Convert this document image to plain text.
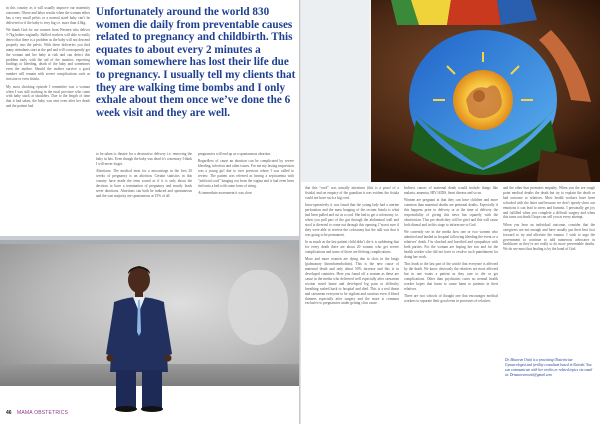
in this country as it will usually improve our maternity outcomes. Obese and labor results when the woman either has a very small pelvis or a normal sized baby can’t be delivered or if the baby is very big i.e. more than 4.0kg.

We thank God for our women from Western who deliver 5-7kg babies vaginally. Skilled workers will able to easily detect that there is a problem as the baby will not descend properly into the pelvis. With these deliveries you find many attendants start at the pad and will consequently get the woman and her baby at risk and can detect this problem early with the aid of the monitor, expecting findings to bleeding, death of the baby and sometimes even the mother. Should the mother survive a good number will remain with severe complications such as incision or even fistula.

My most shocking episode I remember was a woman when I was still working in the rural province who came with baby stuck at shoulders. Due to the length of time that it had taken, the baby was sent even after her death and the patient had

Unfortunately around the world 830 women die daily from preventable causes related to pregnancy and childbirth. This equates to about every 2 minutes a woman somewhere has lost their life due to pregnancy. I usually tell my clients that they are walking time bombs and I only exhale about them once we’ve done the 6 week visit and they are well.

to be taken to theatre for a destructive delivery i.e. removing the baby in bits. Even though the baby was dead it’s a memory I think I will never forget.

Abortions: The medical term for a miscarriage in the first 20 weeks of pregnancy is an abortion. Certain statistics in this country have made the term sound as if it is only about the decision to have a termination of pregnancy and mostly leads sever abortions. Abortions can both be induced and spontaneous and the vast majority are spontaneous at 15% of all

pregnancies will end up as a spontaneous abortion.

Regardless of cause an abortion can be complicated by severe bleeding, infection and other issues. For me my lasting impression was a young girl due to over previous where I was called to review. The patient was referred as having a septicaemia with "artificial cord" hanging out from the vagina and it had even been tied onto a bed with some form of string.

At immediate assessment it was clear

46 MAMA OBSTETRICS

that this “cord” was actually intestines (this is a proof of a fistula) and on enquiry of the guardian it was evident the fistula could not have such a big cord.

Intra-operatively it was found that the young lady had a uterine perforation and the mass hanging of the rectum fistula is what had been pulled and cut as a cord. She had to get a colostomy i.e. when you pull part of the gut through the abdominal wall and stool is diverted to come out through this opening. I’m not sure if they were able to reverse the colostomy but the talk was that it was going to be permanent.

In as much as the last patient child didn’t die it is saddening that for every death there are about 20 women who get severe complications and some of those are lifelong complications.

More and more women are dying due to clots in the lungs (pulmonary thromboembolism). This is the new cause of maternal death and only about 50% increase and this is in developed countries. Here you found off a women as these are cause in the media who delivered well especially after caesarean section travel home and developed leg pain or difficulty breathing rushed back to hospital and died. This is a real threat and caesarean everyone to be vigilant and cautious even if blood thinners especially after surgery and the more is common exclusive to pregnancies under getting clots cause.

Indirect causes of maternal death would include things like malaria, anaemia, HIV/AIDS, heart disease and so on.

Women are pregnant at that they can have children and more common than maternal deaths are perinatal deaths. Especially if this happens prior to delivery or at the time of delivery the responsibility of giving this news has squarely with the obstetrician. This pre death they will be grief and this will cause both dismal and in this stage to inform me to God.

We currently see in the media how one or two women who admitted and landed in hospital following bleeding the event or a relatives’ death. I’m shocked and horrified and sympathize with both parties. For the woman are hoping her son and for the health worker who did not have to resolve such punishment for doing her work.

This leads to the last part of the article that everyone is affected by the death. We know obviously the relatives are most affected but in one wants a patient as they care to die or get complications. Other than psychiatric cases no normal health worker hopes that harm to cause harm to patients in their relatives.

There are two schools of thought one that encourages medical workers to separate their good even in processes of relatives

and the other that promotes empathy. When you the see rough point medical deaths the death but try to explain the death or bad outcome to relatives. Most health workers have been schooled with the latter and because we don’t openly show our emotions it can lead to stress and burnout. I personally get joy and fulfilled when you complete a difficult surgery and when this turns out death I hope can sell you at every attempt.

When you hear an individual outcome, consider that the caregivers are not enough and have usually put their best foot forward to try and alleviate the trauma. I wish to urge the government to continue to add numerous advocates in healthcare as they’re are really to do more preventable deaths. We do see most that healing is by the hand of God.

Dr. Maureen Owiti is a practising Obstetrician Gynaecologist and fertility consultant based in Nairobi. You can communicate with her on this or related topics via email at: Drmaureenowiti@gmail.com
